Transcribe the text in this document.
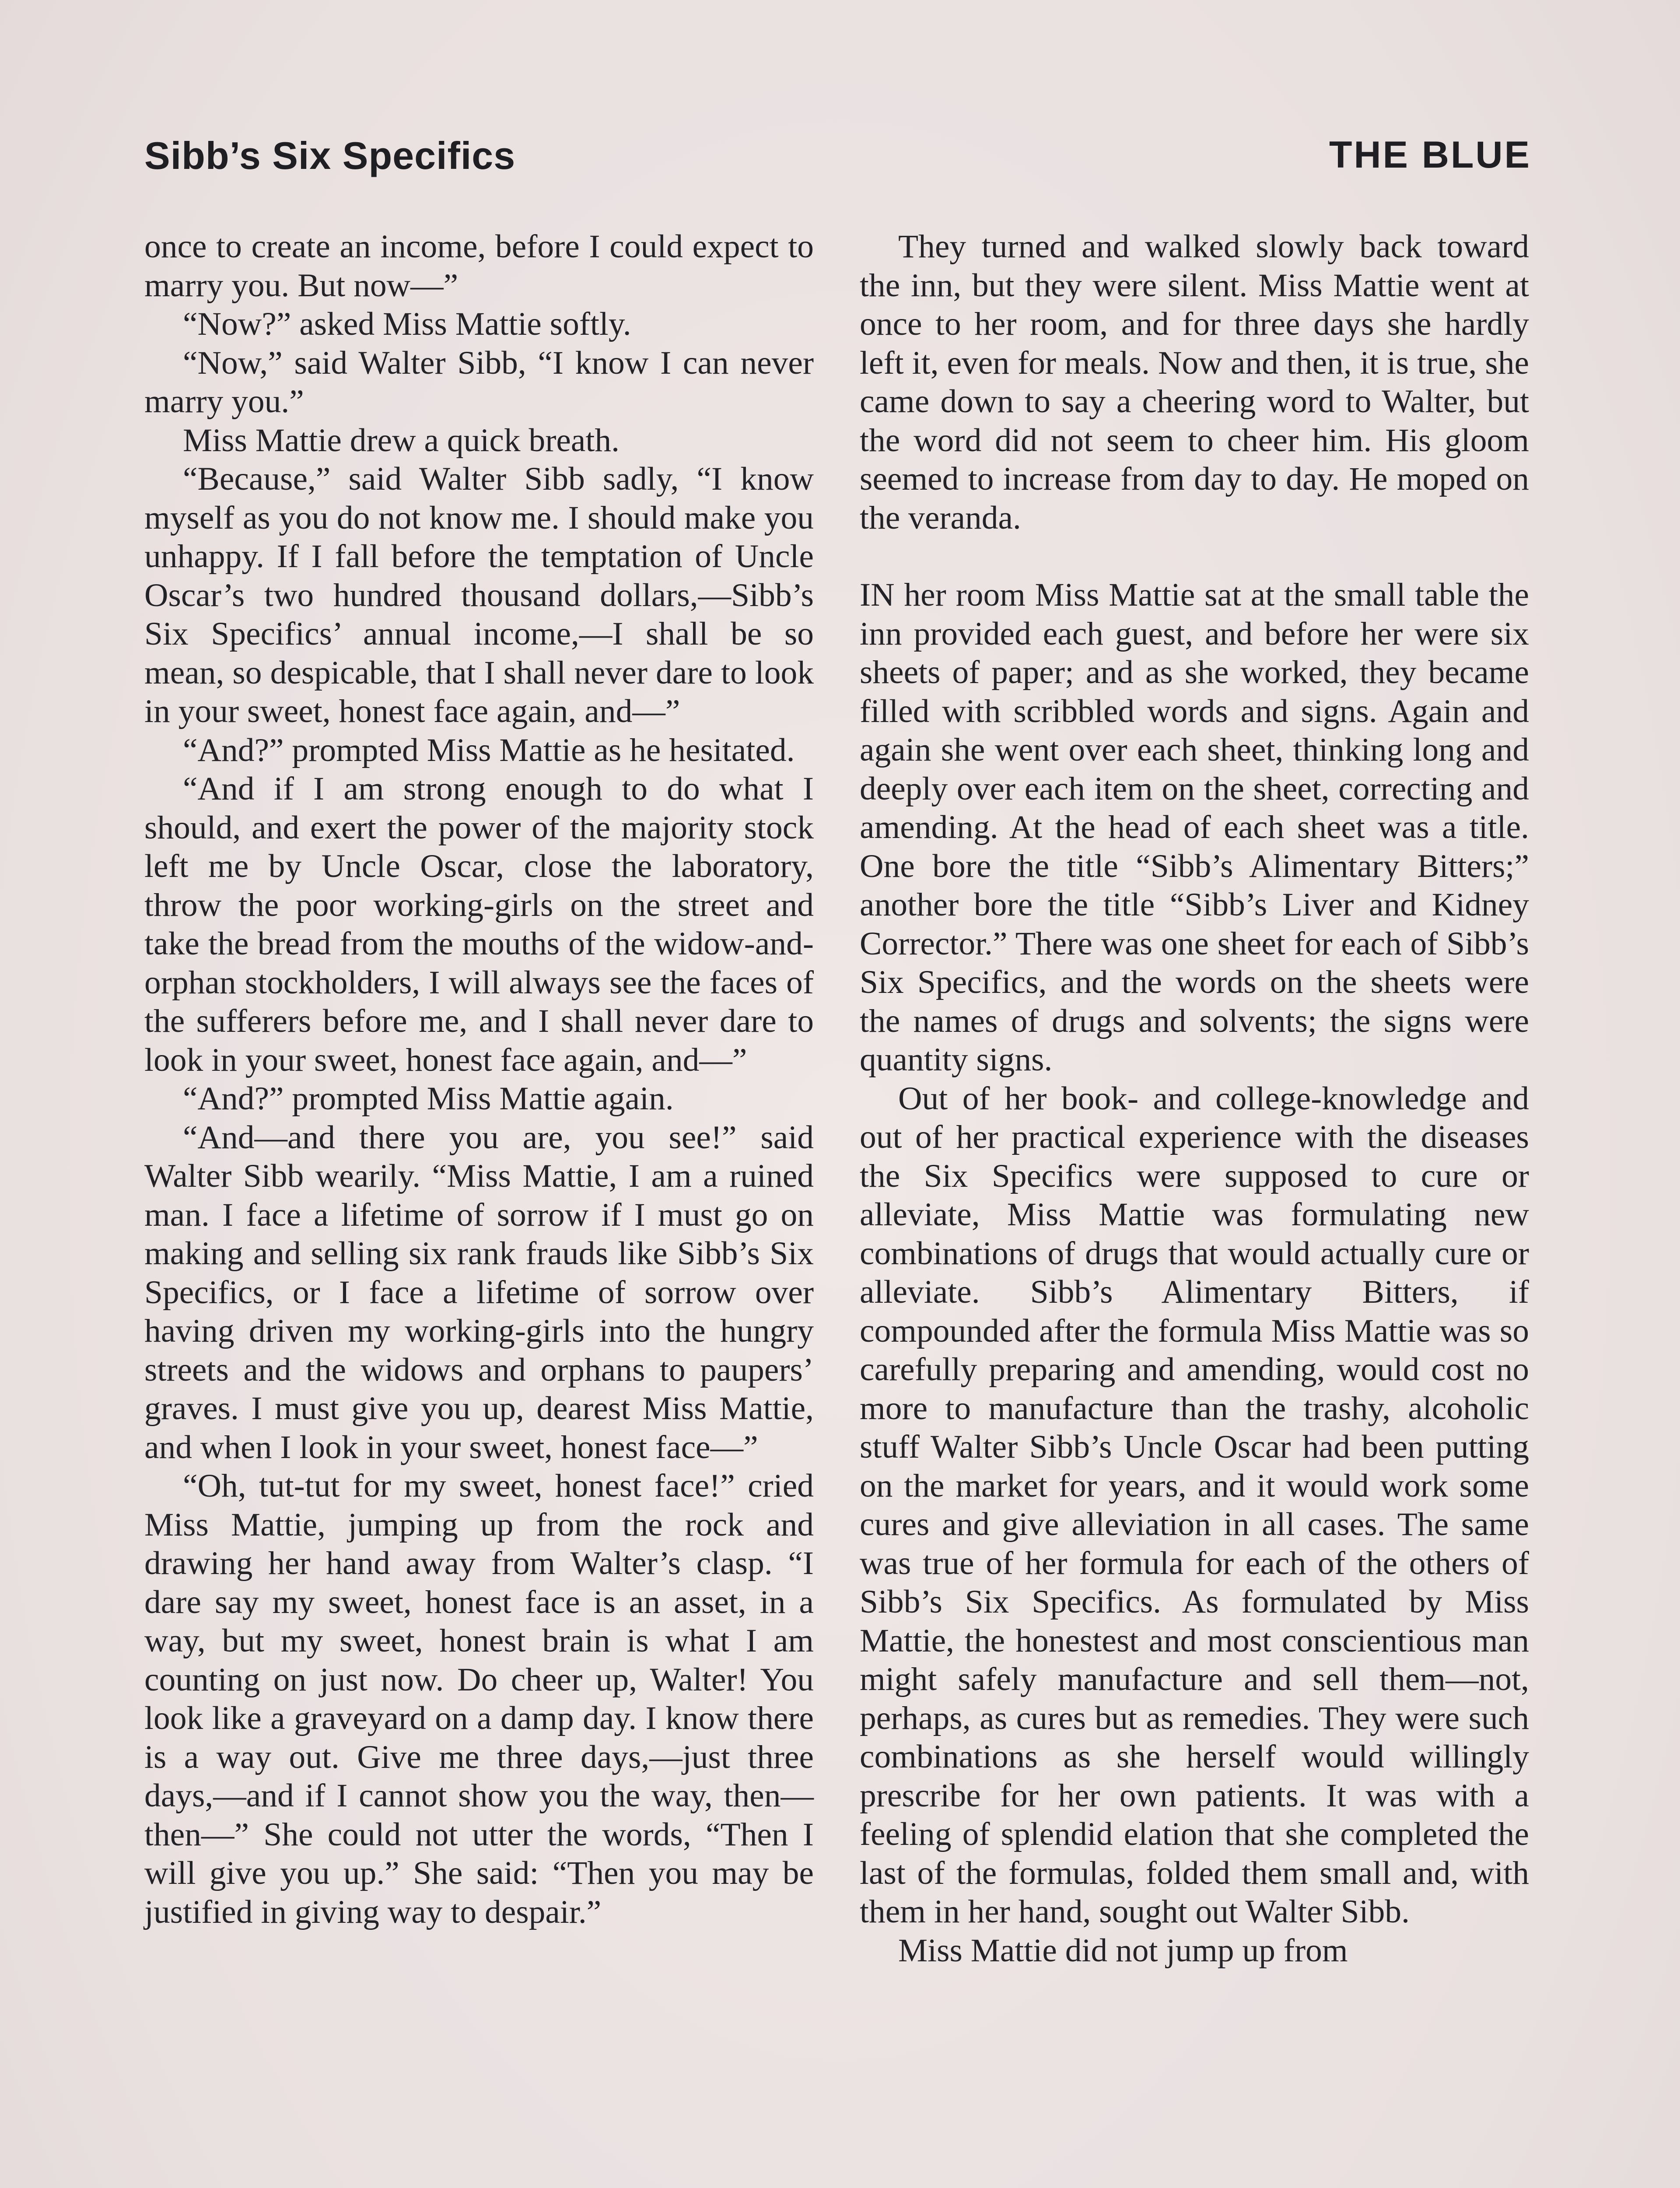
Sibb’s Six Specifics	THE BLUE

once to create an income, before I could expect to marry you. But now—”

“Now?” asked Miss Mattie softly.

“Now,” said Walter Sibb, “I know I can never marry you.”

Miss Mattie drew a quick breath.

“Because,” said Walter Sibb sadly, “I know myself as you do not know me. I should make you unhappy. If I fall before the temptation of Uncle Oscar’s two hundred thousand dollars,—Sibb’s Six Specifics’ annual income,—I shall be so mean, so despicable, that I shall never dare to look in your sweet, honest face again, and—”

“And?” prompted Miss Mattie as he hesitated.

“And if I am strong enough to do what I should, and exert the power of the majority stock left me by Uncle Oscar, close the laboratory, throw the poor working-girls on the street and take the bread from the mouths of the widow-and-orphan stockholders, I will always see the faces of the sufferers before me, and I shall never dare to look in your sweet, honest face again, and—”

“And?” prompted Miss Mattie again.

“And—and there you are, you see!” said Walter Sibb wearily. “Miss Mattie, I am a ruined man. I face a lifetime of sorrow if I must go on making and selling six rank frauds like Sibb’s Six Specifics, or I face a lifetime of sorrow over having driven my working-girls into the hungry streets and the widows and orphans to paupers’ graves. I must give you up, dearest Miss Mattie, and when I look in your sweet, honest face—”

“Oh, tut-tut for my sweet, honest face!” cried Miss Mattie, jumping up from the rock and drawing her hand away from Walter’s clasp. “I dare say my sweet, honest face is an asset, in a way, but my sweet, honest brain is what I am counting on just now. Do cheer up, Walter! You look like a graveyard on a damp day. I know there is a way out. Give me three days,—just three days,—and if I cannot show you the way, then—then—” She could not utter the words, “Then I will give you up.” She said: “Then you may be justified in giving way to despair.”

They turned and walked slowly back toward the inn, but they were silent. Miss Mattie went at once to her room, and for three days she hardly left it, even for meals. Now and then, it is true, she came down to say a cheering word to Walter, but the word did not seem to cheer him. His gloom seemed to increase from day to day. He moped on the veranda.

IN her room Miss Mattie sat at the small table the inn provided each guest, and before her were six sheets of paper; and as she worked, they became filled with scribbled words and signs. Again and again she went over each sheet, thinking long and deeply over each item on the sheet, correcting and amending. At the head of each sheet was a title. One bore the title “Sibb’s Alimentary Bitters;” another bore the title “Sibb’s Liver and Kidney Corrector.” There was one sheet for each of Sibb’s Six Specifics, and the words on the sheets were the names of drugs and solvents; the signs were quantity signs.

Out of her book- and college-knowledge and out of her practical experience with the diseases the Six Specifics were supposed to cure or alleviate, Miss Mattie was formulating new combinations of drugs that would actually cure or alleviate. Sibb’s Alimentary Bitters, if compounded after the formula Miss Mattie was so carefully preparing and amending, would cost no more to manufacture than the trashy, alcoholic stuff Walter Sibb’s Uncle Oscar had been putting on the market for years, and it would work some cures and give alleviation in all cases. The same was true of her formula for each of the others of Sibb’s Six Specifics. As formulated by Miss Mattie, the honestest and most conscientious man might safely manufacture and sell them—not, perhaps, as cures but as remedies. They were such combinations as she herself would willingly prescribe for her own patients. It was with a feeling of splendid elation that she completed the last of the formulas, folded them small and, with them in her hand, sought out Walter Sibb.

Miss Mattie did not jump up from
